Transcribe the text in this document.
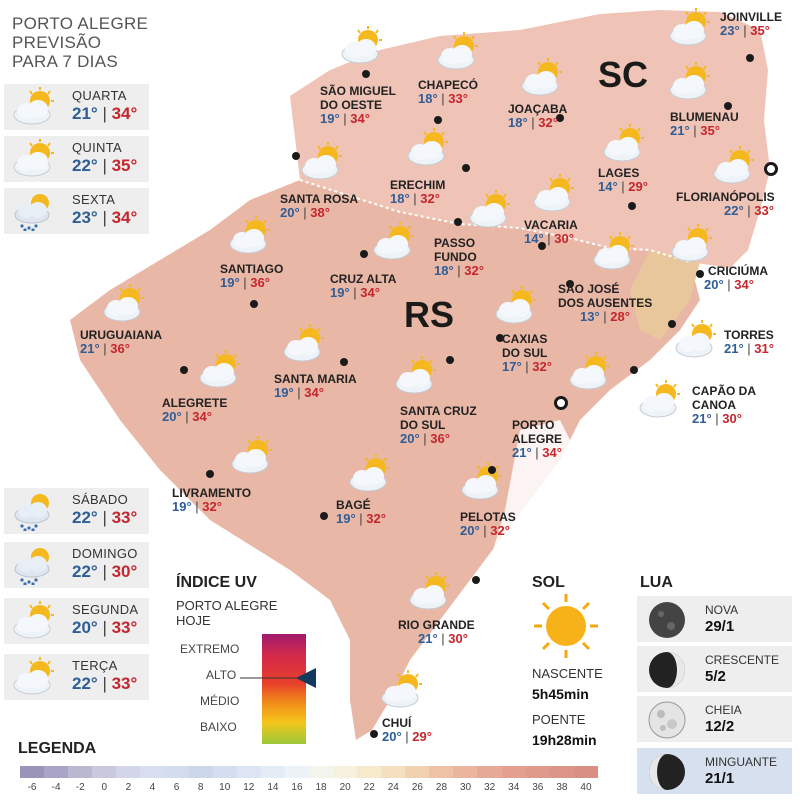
PORTO ALEGRE
PREVISÃO
PARA 7 DIAS
QUARTA
21° | 34°
QUINTA
22° | 35°
SEXTA
23° | 34°
SÁBADO
22° | 33°
DOMINGO
22° | 30°
SEGUNDA
20° | 33°
TERÇA
22° | 33°
SC
RS
SÃO MIGUEL
DO OESTE
19° | 34°
CHAPECÓ
18° | 33°
JOAÇABA
18° | 32°
JOINVILLE
23° | 35°
BLUMENAU
21° | 35°
LAGES
14° | 29°
FLORIANÓPOLIS
22° | 33°
SANTA ROSA
20° | 38°
ERECHIM
18° | 32°
VACARIA
14° | 30°
PASSO
FUNDO
18° | 32°
SANTIAGO
19° | 36°	CRUZ ALTA
19° | 34°	SÃO JOSÉ
DOS AUSENTES
13° | 28°
CRICIÚMA
20° | 34°
URUGUAIANA
21° | 36°
CAXIAS
DO SUL
17° | 32°
TORRES
21° | 31°
SANTA MARIA
19° | 34°
ALEGRETE
20° | 34°
CAPÃO DA
CANOA
21° | 30°
SANTA CRUZ
DO SUL
20° | 36°
PORTO
ALEGRE
21° | 34°
LIVRAMENTO
19° | 32°	BAGÉ
19° | 32°	PELOTAS
20° | 32°
RIO GRANDE
21° | 30°
CHUÍ
20° | 29°
ÍNDICE UV
PORTO ALEGRE
HOJE
EXTREMO
ALTO
MÉDIO
BAIXO
SOL
NASCENTE
5h45min
POENTE
19h28min
LUA
NOVA
29/1
CRESCENTE
5/2
CHEIA
12/2
MINGUANTE
21/1
LEGENDA
-6 -4 -2 0 2 4 6 8 10 12 14 16 18 20 22 24 26 28 30 32 34 36 38 40
